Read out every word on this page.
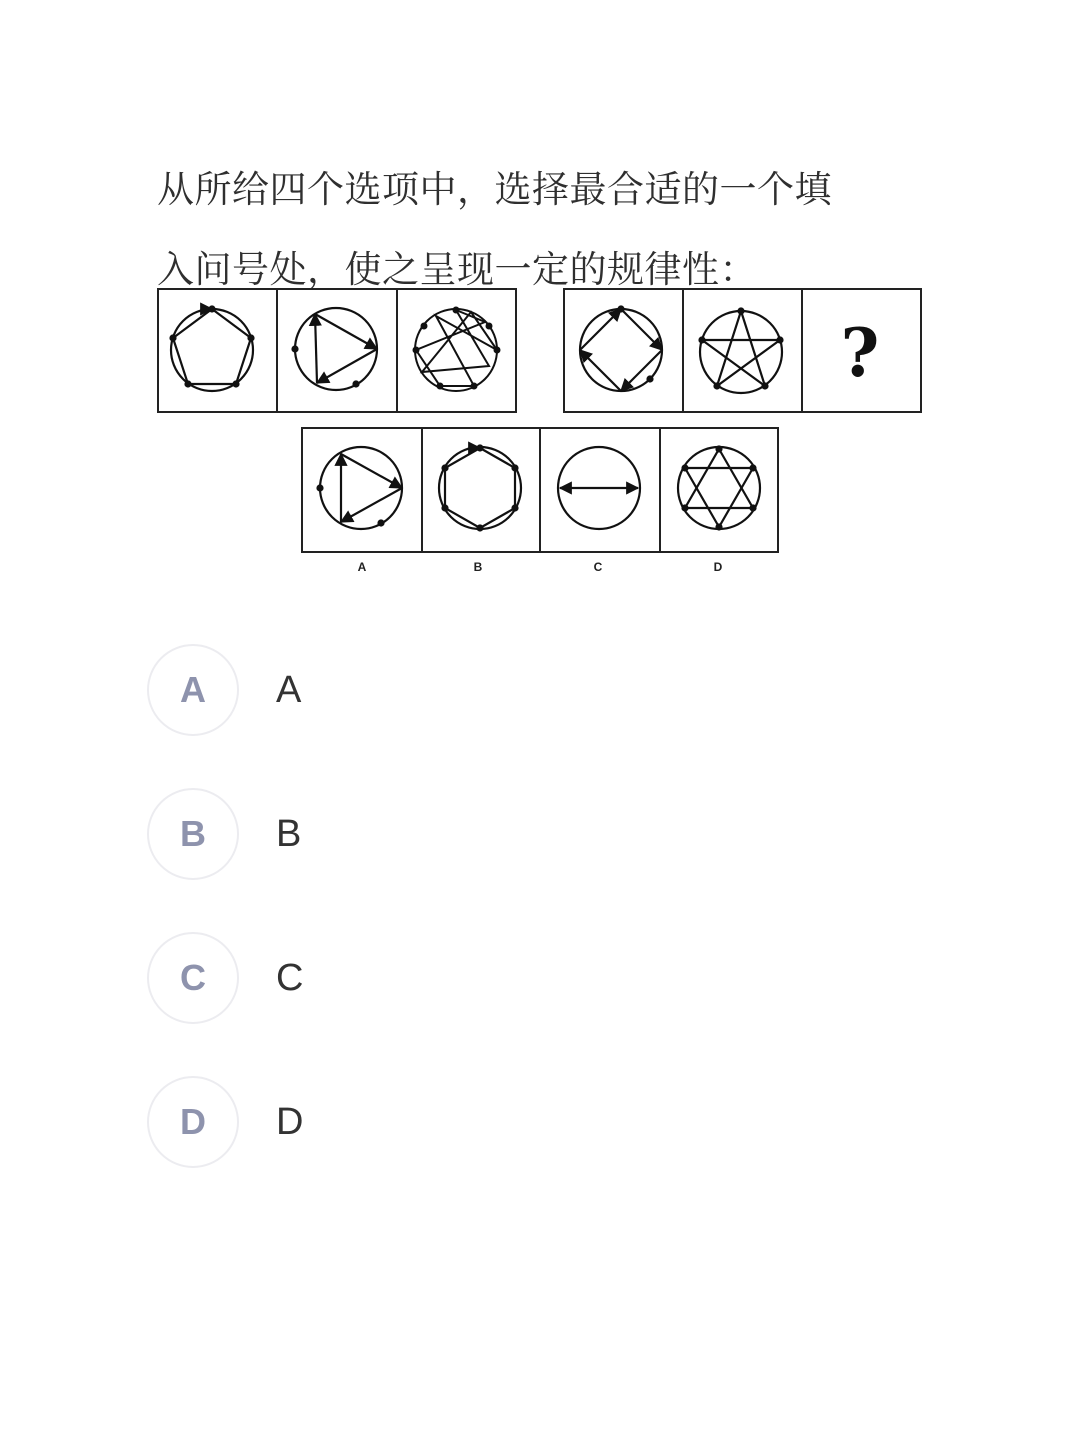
从所给四个选项中，选择最合适的一个填
入问号处，使之呈现一定的规律性：
?
A	B	C	D
A	A
B	B
C	C
D	D
